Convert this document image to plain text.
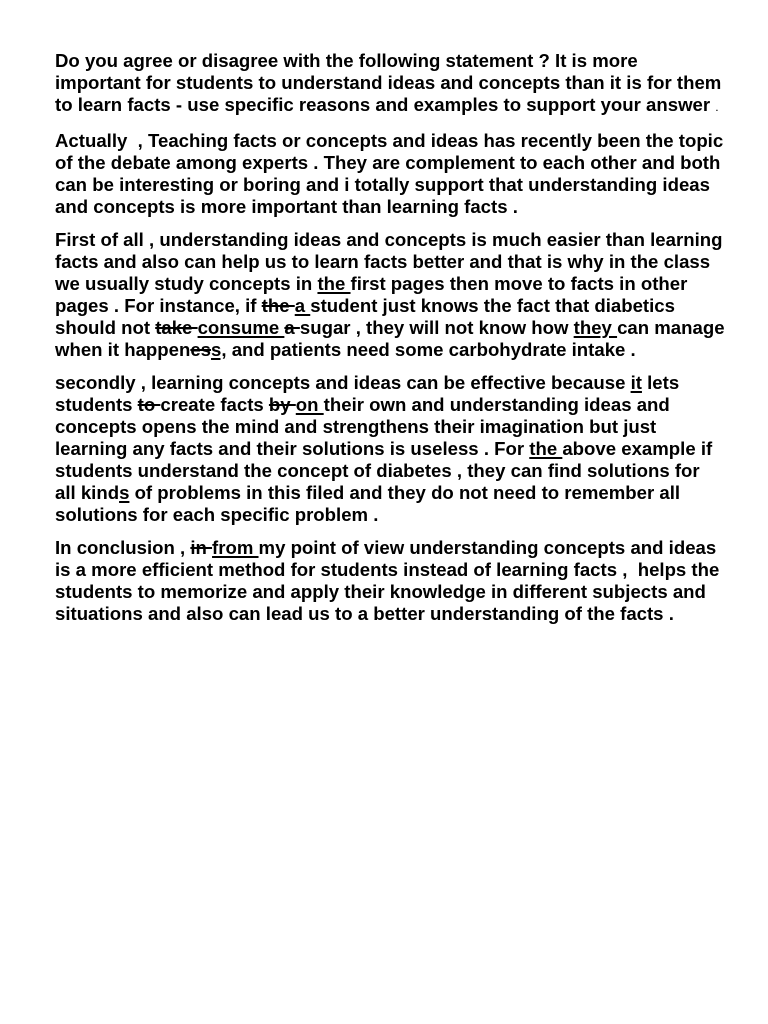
Do you agree or disagree with the following statement ? It is more important for students to understand ideas and concepts than it is for them to learn facts - use specific reasons and examples to support your answer .

Actually  , Teaching facts or concepts and ideas has recently been the topic of the debate among experts . They are complement to each other and both can be interesting or boring and i totally support that understanding ideas and concepts is more important than learning facts .

First of all , understanding ideas and concepts is much easier than learning facts and also can help us to learn facts better and that is why in the class we usually study concepts in the first pages then move to facts in other pages . For instance, if the a student just knows the fact that diabetics should not take consume a sugar , they will not know how they can manage when it happeness, and patients need some carbohydrate intake .

secondly , learning concepts and ideas can be effective because it lets students to create facts by on their own and understanding ideas and concepts opens the mind and strengthens their imagination but just learning any facts and their solutions is useless . For the above example if students understand the concept of diabetes , they can find solutions for all kinds of problems in this filed and they do not need to remember all solutions for each specific problem .

In conclusion , in from my point of view understanding concepts and ideas is a more efficient method for students instead of learning facts ,  helps the students to memorize and apply their knowledge in different subjects and situations and also can lead us to a better understanding of the facts .
